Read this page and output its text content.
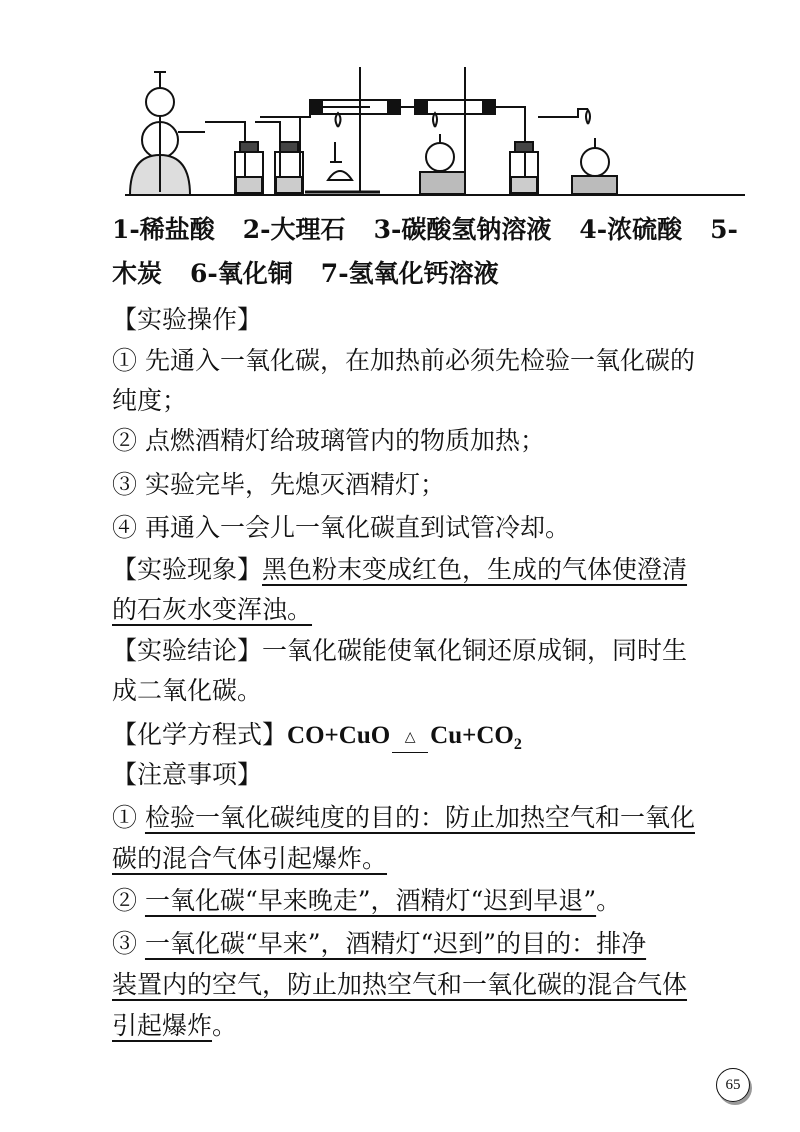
1-稀盐酸 2-大理石 3-碳酸氢钠溶液 4-浓硫酸 5-
木炭 6-氧化铜 7-氢氧化钙溶液
【实验操作】
① 先通入一氧化碳，在加热前必须先检验一氧化碳的
纯度；
② 点燃酒精灯给玻璃管内的物质加热；
③ 实验完毕，先熄灭酒精灯；
④ 再通入一会儿一氧化碳直到试管冷却。
【实验现象】黑色粉末变成红色，生成的气体使澄清
的石灰水变浑浊。
【实验结论】一氧化碳能使氧化铜还原成铜，同时生
成二氧化碳。
【化学方程式】CO+CuO △ $Cu+CO_2$
【注意事项】
① 检验一氧化碳纯度的目的：防止加热空气和一氧化
碳的混合气体引起爆炸。
② 一氧化碳“早来晚走”，酒精灯“迟到早退”。
③ 一氧化碳“早来”，酒精灯“迟到”的目的：排净
装置内的空气，防止加热空气和一氧化碳的混合气体
引起爆炸。
65
